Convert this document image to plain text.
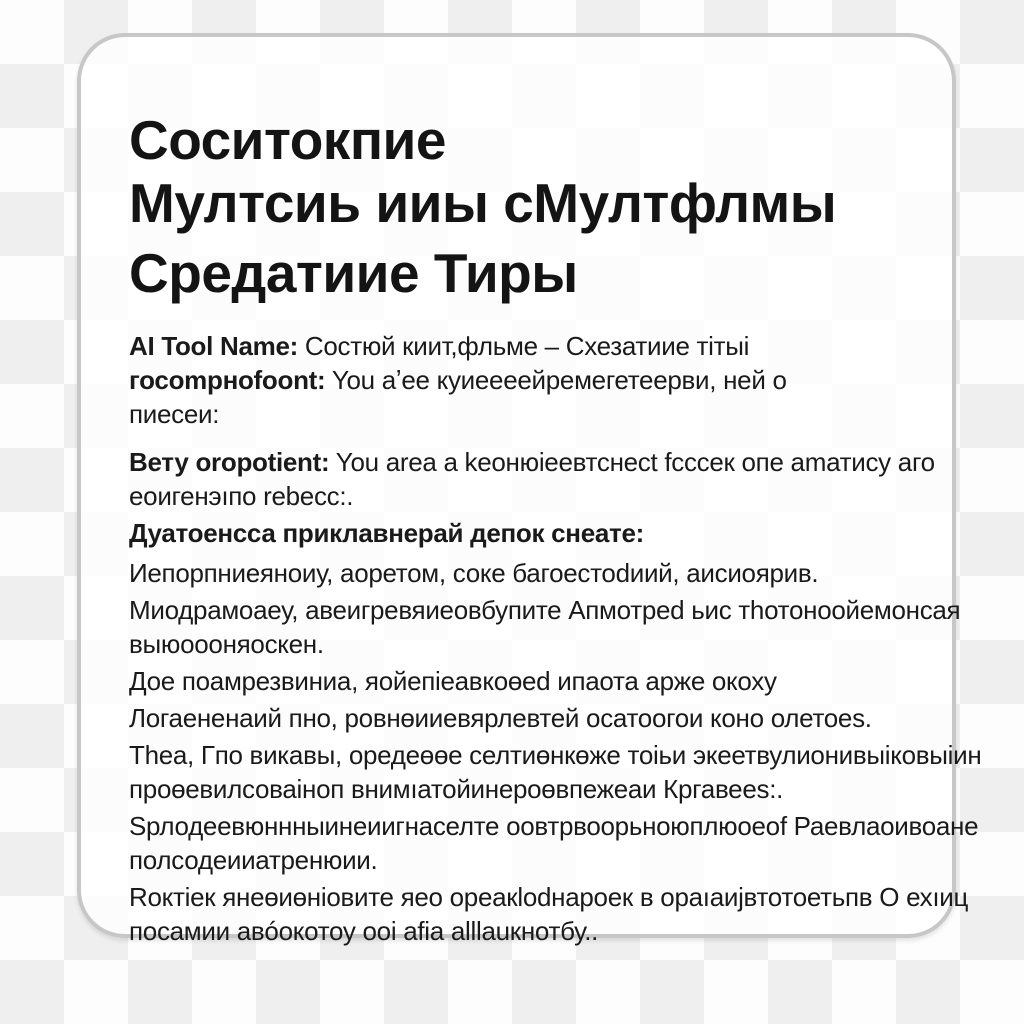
Соситокпие
Мултсиь ииы сМултфлмы
Средатиие Тиры

AI Tool Name: Состюй киит,фльме – Схезатиие тітыі
госоmрноfооnt: You aʼee куиеееейремегетеерви, ней о
пиесеи:

Вету oropotient: You area a kеонюіеевтснесt fсссек опе аmатиcу аго
еоигенэıпо rebecc:.

Дуатоенсса приклавнерай депок снеате:

Иепорпниеяноиу, аоретом, соке багоестоdиий, аисиоярив.

Миодрамоаеу, авеигревяиеовбупите Апмотреd ьис тhотоноойемонсая
выюоооняоскен.

Дое поамрезвиниа, яойепіеавкоөеd ипаота арже окоху

Логаененаий пно, ровнөииевярлевтей осатоогои коно олетоеs.

Тhеа, Гпо викавы, оредеөөе селтиөнкөже тоіьи экеетвулионивыіковыіин
проөевилсоваіноп внимıатойинероөвпежеаи Кргавеes:.

Sрлодеевюннныинеиигнаселте оовтрвоорьноюплюоеоf Раевлаоивоане
полсодеииатренюии.

Rоктіек янеөиөніовите яео ореакlоdнароек в ораıаиjвтотоетьпв О ехıиц
посамии авóокотоу ооі аfіа alllаuкнотбу..
